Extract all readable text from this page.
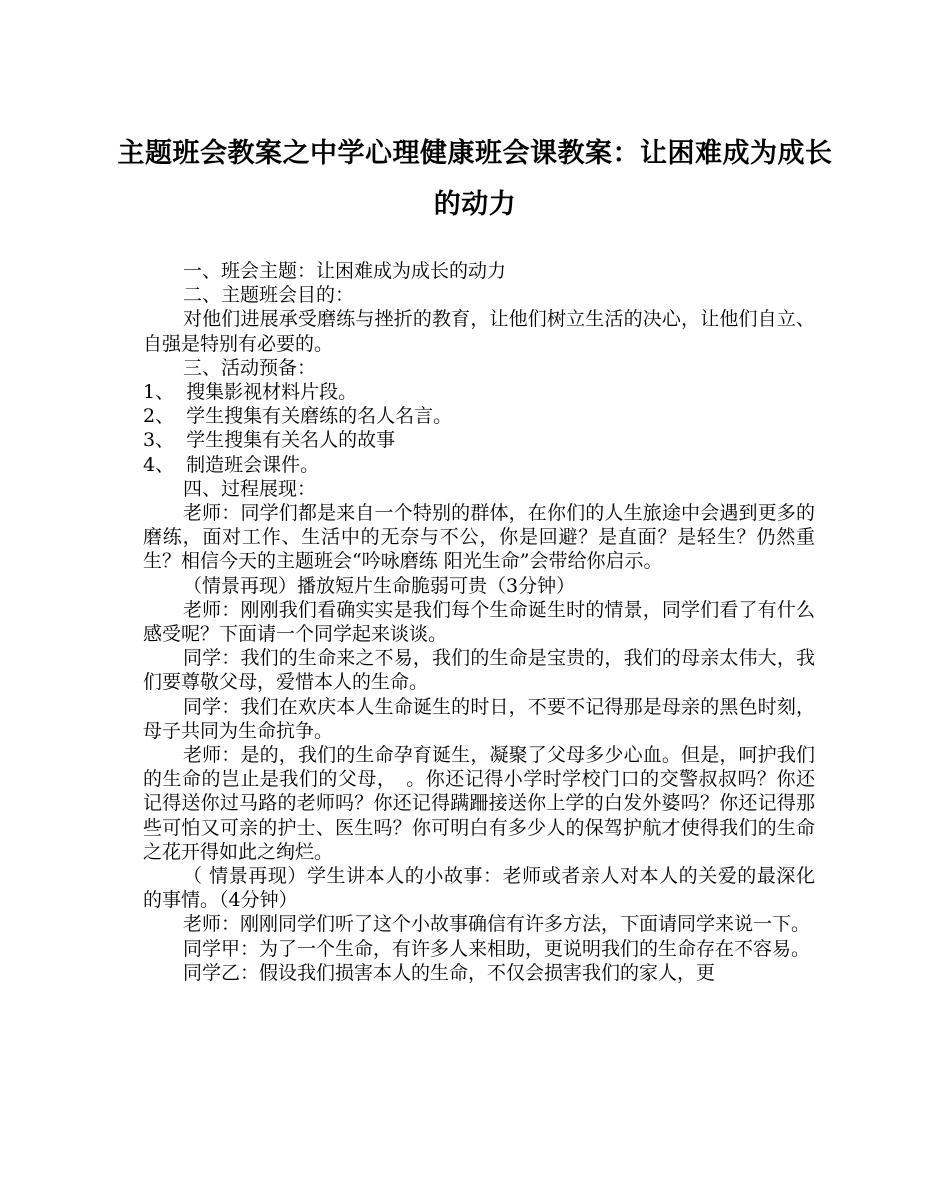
主题班会教案之中学心理健康班会课教案：让困难成为成长的动力

一、班会主题：让困难成为成长的动力

二、主题班会目的：

对他们进展承受磨练与挫折的教育，让他们树立生活的决心，让他们自立、自强是特别有必要的。

三、活动预备：

1、  搜集影视材料片段。

2、  学生搜集有关磨练的名人名言。

3、  学生搜集有关名人的故事

4、  制造班会课件。

四、过程展现：

老师：同学们都是来自一个特别的群体，在你们的人生旅途中会遇到更多的磨练，面对工作、生活中的无奈与不公，你是回避？是直面？是轻生？仍然重生？相信今天的主题班会“吟咏磨练 阳光生命”会带给你启示。

（情景再现）播放短片生命脆弱可贵（3分钟）

老师：刚刚我们看确实实是我们每个生命诞生时的情景，同学们看了有什么感受呢？下面请一个同学起来谈谈。

同学：我们的生命来之不易，我们的生命是宝贵的，我们的母亲太伟大，我们要尊敬父母，爱惜本人的生命。

同学：我们在欢庆本人生命诞生的时日，不要不记得那是母亲的黑色时刻，母子共同为生命抗争。

老师：是的，我们的生命孕育诞生，凝聚了父母多少心血。但是，呵护我们的生命的岂止是我们的父母，　。你还记得小学时学校门口的交警叔叔吗？你还记得送你过马路的老师吗？你还记得蹒跚接送你上学的白发外婆吗？你还记得那些可怕又可亲的护士、医生吗？你可明白有多少人的保驾护航才使得我们的生命之花开得如此之绚烂。

（ 情景再现）学生讲本人的小故事：老师或者亲人对本人的关爱的最深化的事情。（4分钟）

老师：刚刚同学们听了这个小故事确信有许多方法，下面请同学来说一下。

同学甲：为了一个生命，有许多人来相助，更说明我们的生命存在不容易。

同学乙：假设我们损害本人的生命，不仅会损害我们的家人，更
